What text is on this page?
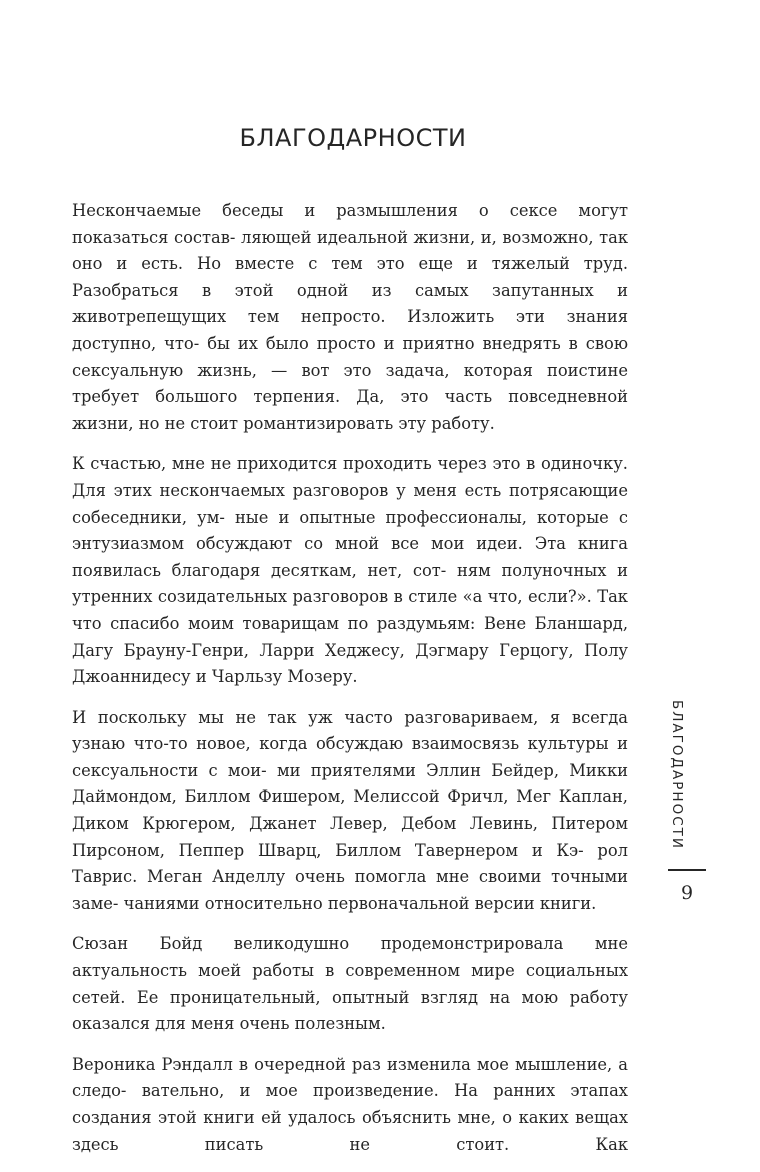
БЛАГОДАРНОСТИ

Нескончаемые беседы и размышления о сексе могут показаться состав- ляющей идеальной жизни, и, возможно, так оно и есть. Но вместе с тем это еще и тяжелый труд. Разобраться в этой одной из самых запутанных и животрепещущих тем непросто. Изложить эти знания доступно, что- бы их было просто и приятно внедрять в свою сексуальную жизнь, — вот это задача, которая поистине требует большого терпения. Да, это часть повседневной жизни, но не стоит романтизировать эту работу.

К счастью, мне не приходится проходить через это в одиночку. Для этих нескончаемых разговоров у меня есть потрясающие собеседники, ум- ные и опытные профессионалы, которые с энтузиазмом обсуждают со мной все мои идеи. Эта книга появилась благодаря десяткам, нет, сот- ням полуночных и утренних созидательных разговоров в стиле «а что, если?». Так что спасибо моим товарищам по раздумьям: Вене Бланшард, Дагу Брауну-Генри, Ларри Хеджесу, Дэгмару Герцогу, Полу Джоаннидесу и Чарльзу Мозеру.

И поскольку мы не так уж часто разговариваем, я всегда узнаю что-то новое, когда обсуждаю взаимосвязь культуры и сексуальности с мои- ми приятелями Эллин Бейдер, Микки Даймондом, Биллом Фишером, Мелиссой Фричл, Мег Каплан, Диком Крюгером, Джанет Левер, Дебом Левинь, Питером Пирсоном, Пеппер Шварц, Биллом Тавернером и Кэ- рол Таврис. Меган Анделлу очень помогла мне своими точными заме- чаниями относительно первоначальной версии книги.

Сюзан Бойд великодушно продемонстрировала мне актуальность моей работы в современном мире социальных сетей. Ее проницательный, опытный взгляд на мою работу оказался для меня очень полезным.

Вероника Рэндалл в очередной раз изменила мое мышление, а следо- вательно, и мое произведение. На ранних этапах создания этой книги ей удалось объяснить мне, о каких вещах здесь писать не стоит. Как

БЛАГОДАРНОСТИ
9
